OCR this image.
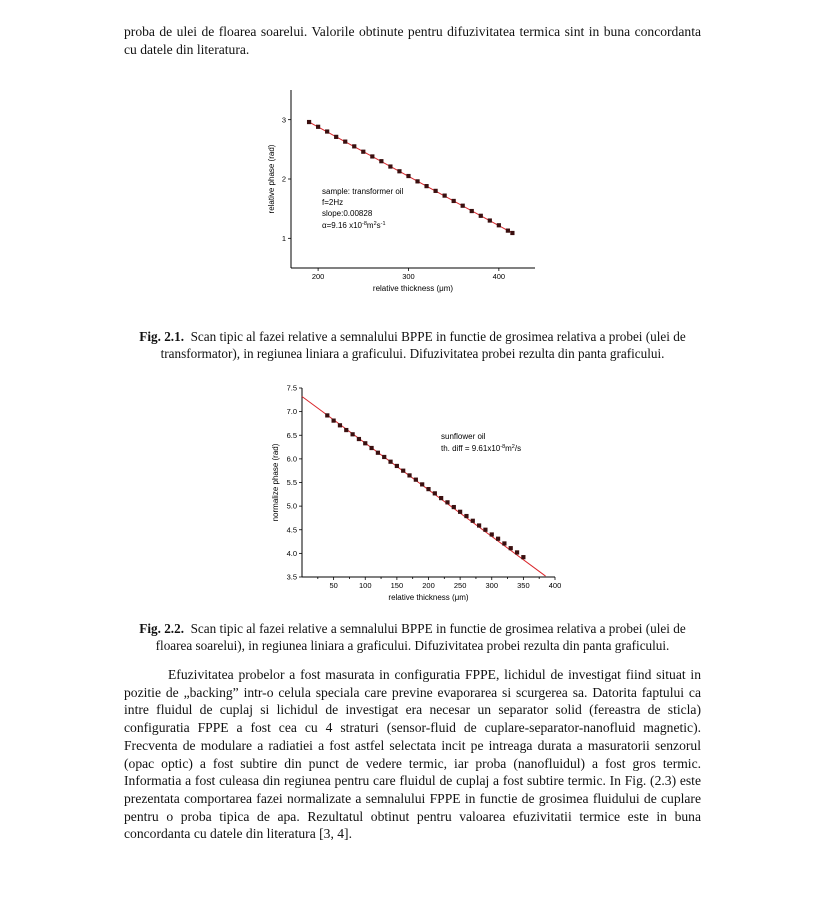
proba de ulei de floarea soarelui. Valorile obtinute pentru difuzivitatea termica sint in buna concordanta cu datele din literatura.

200	300	400
1
2
3
relative thickness (μm)
relative phase (rad)	sample: transformer oil
f=2Hz
slope:0.00828
α=9.16 $x10^{-8}m^2s^{-1}$

Fig. 2.1. Scan tipic al fazei relative a semnalului BPPE in functie de grosimea relativa a probei (ulei de transformator), in regiunea liniara a graficului. Difuzivitatea probei rezulta din panta graficului.

50	100	150	200	250	300	350	400
3.5
4.0
4.5
5.0
5.5
6.0
6.5
7.0
7.5
relative thickness (μm)
normalize phase (rad)
sunflower oil
th. diff = $9.61x10^{-8}m^2/s$

Fig. 2.2. Scan tipic al fazei relative a semnalului BPPE in functie de grosimea relativa a probei (ulei de floarea soarelui), in regiunea liniara a graficului. Difuzivitatea probei rezulta din panta graficului.

Efuzivitatea probelor a fost masurata in configuratia FPPE, lichidul de investigat fiind situat in pozitie de „backing” intr-o celula speciala care previne evaporarea si scurgerea sa. Datorita faptului ca intre fluidul de cuplaj si lichidul de investigat era necesar un separator solid (fereastra de sticla) configuratia FPPE a fost cea cu 4 straturi (sensor-fluid de cuplare-separator-nanofluid magnetic). Frecventa de modulare a radiatiei a fost astfel selectata incit pe intreaga durata a masuratorii senzorul (opac optic) a fost subtire din punct de vedere termic, iar proba (nanofluidul) a fost gros termic. Informatia a fost culeasa din regiunea pentru care fluidul de cuplaj a fost subtire termic. In Fig. (2.3) este prezentata comportarea fazei normalizate a semnalului FPPE in functie de grosimea fluidului de cuplare pentru o proba tipica de apa. Rezultatul obtinut pentru valoarea efuzivitatii termice este in buna concordanta cu datele din literatura [3, 4].
